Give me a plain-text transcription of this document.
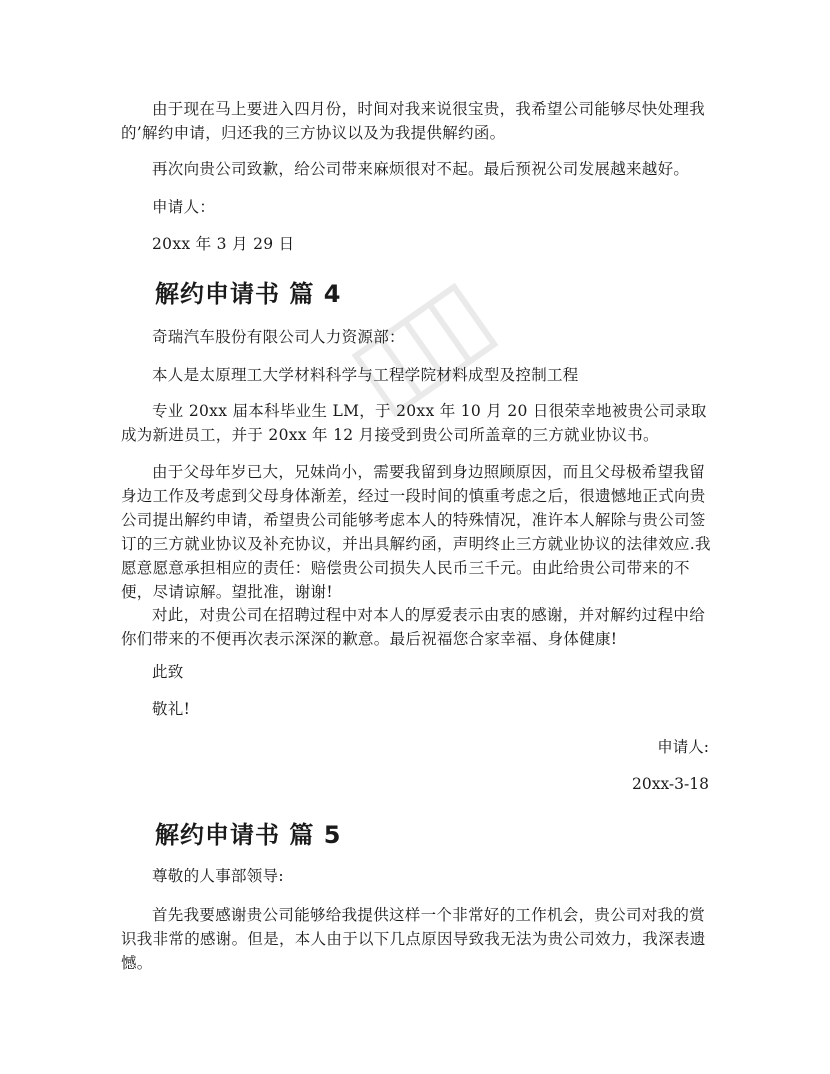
由于现在马上要进入四月份，时间对我来说很宝贵，我希望公司能够尽快处理我的’解约申请，归还我的三方协议以及为我提供解约函。

再次向贵公司致歉，给公司带来麻烦很对不起。最后预祝公司发展越来越好。

申请人：

20xx 年 3 月 29 日

解约申请书 篇 4

奇瑞汽车股份有限公司人力资源部：

本人是太原理工大学材料科学与工程学院材料成型及控制工程

专业 20xx 届本科毕业生 LM，于 20xx 年 10 月 20 日很荣幸地被贵公司录取成为新进员工，并于 20xx 年 12 月接受到贵公司所盖章的三方就业协议书。

由于父母年岁已大，兄妹尚小，需要我留到身边照顾原因，而且父母极希望我留身边工作及考虑到父母身体渐差，经过一段时间的慎重考虑之后，很遗憾地正式向贵公司提出解约申请，希望贵公司能够考虑本人的特殊情况，准许本人解除与贵公司签订的三方就业协议及补充协议，并出具解约函，声明终止三方就业协议的法律效应.我愿意愿意承担相应的责任：赔偿贵公司损失人民币三千元。由此给贵公司带来的不便，尽请谅解。望批准，谢谢!

对此，对贵公司在招聘过程中对本人的厚爱表示由衷的感谢，并对解约过程中给你们带来的不便再次表示深深的歉意。最后祝福您合家幸福、身体健康!

此致

敬礼!

申请人:
20xx-3-18
解约申请书 篇 5

尊敬的人事部领导:

首先我要感谢贵公司能够给我提供这样一个非常好的工作机会，贵公司对我的赏识我非常的感谢。但是，本人由于以下几点原因导致我无法为贵公司效力，我深表遗憾。
